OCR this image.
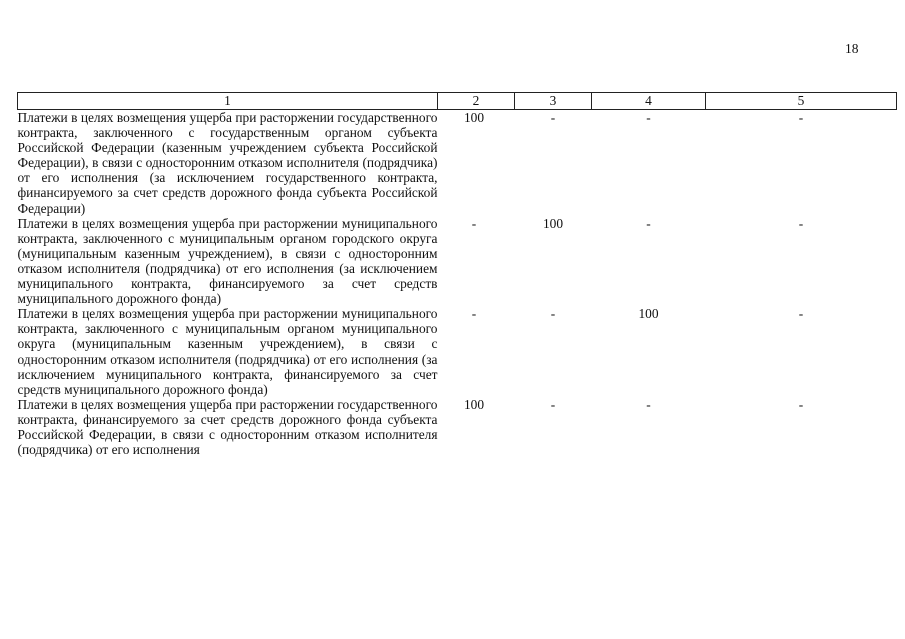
18
1	2	3	4	5
Платежи в целях возмещения ущерба при расторжении государственного контракта, заключенного с государственным органом субъекта Российской Федерации (казенным учреждением субъекта Российской Федерации), в связи с односторонним отказом исполнителя (подрядчика) от его исполнения (за исключением государственного контракта, финансируемого за счет средств дорожного фонда субъекта Российской Федерации)	100	-	-	-
Платежи в целях возмещения ущерба при расторжении муниципального контракта, заключенного с муниципальным органом городского округа (муниципальным казенным учреждением), в связи с односторонним отказом исполнителя (подрядчика) от его исполнения (за исключением муниципального контракта, финансируемого за счет средств муниципального дорожного фонда)	-	100	-	-
Платежи в целях возмещения ущерба при расторжении муниципального контракта, заключенного с муниципальным органом муниципального округа (муниципальным казенным учреждением), в связи с односторонним отказом исполнителя (подрядчика) от его исполнения (за исключением муниципального контракта, финансируемого за счет средств муниципального дорожного фонда)	-	-	100	-
Платежи в целях возмещения ущерба при расторжении государственного контракта, финансируемого за счет средств дорожного фонда субъекта Российской Федерации, в связи с односторонним отказом исполнителя (подрядчика) от его исполнения	100	-	-	-
